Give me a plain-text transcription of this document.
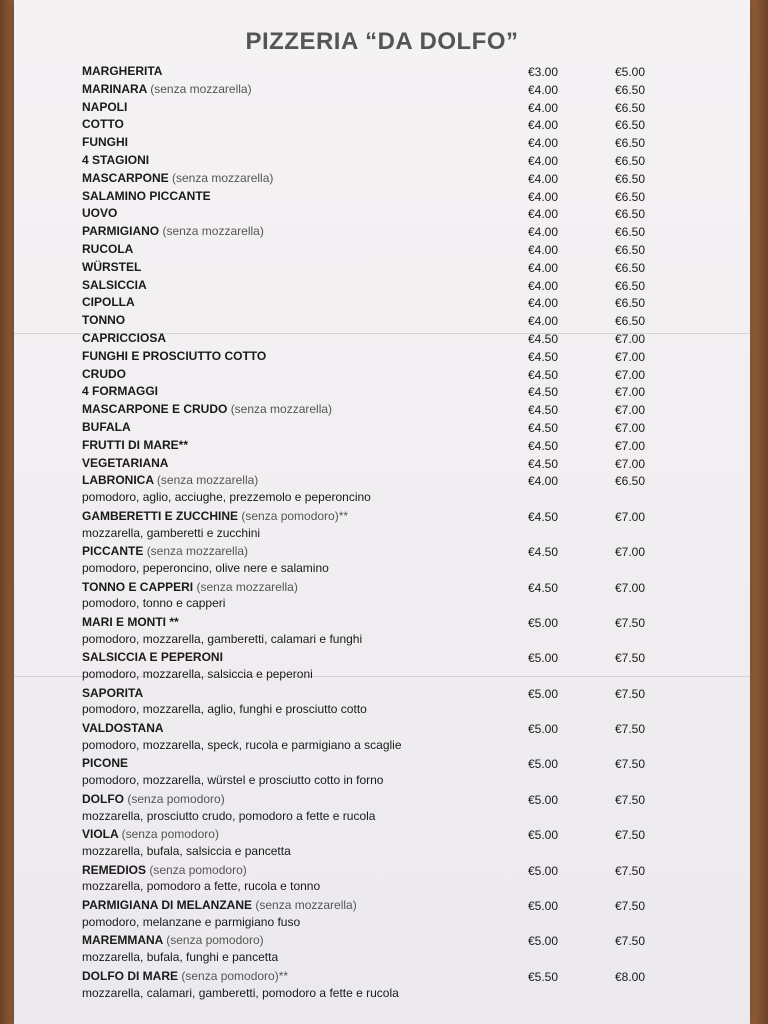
PIZZERIA “DA DOLFO”
MARGHERITA	€3.00	€5.00
MARINARA (senza mozzarella)	€4.00	€6.50
NAPOLI	€4.00	€6.50
COTTO	€4.00	€6.50
FUNGHI	€4.00	€6.50
4 STAGIONI	€4.00	€6.50
MASCARPONE (senza mozzarella)	€4.00	€6.50
SALAMINO PICCANTE	€4.00	€6.50
UOVO	€4.00	€6.50
PARMIGIANO (senza mozzarella)	€4.00	€6.50
RUCOLA	€4.00	€6.50
WÜRSTEL	€4.00	€6.50
SALSICCIA	€4.00	€6.50
CIPOLLA	€4.00	€6.50
TONNO	€4.00	€6.50
CAPRICCIOSA	€4.50	€7.00
FUNGHI E PROSCIUTTO COTTO	€4.50	€7.00
CRUDO	€4.50	€7.00
4 FORMAGGI	€4.50	€7.00
MASCARPONE E CRUDO (senza mozzarella)	€4.50	€7.00
BUFALA	€4.50	€7.00
FRUTTI DI MARE**	€4.50	€7.00
VEGETARIANA	€4.50	€7.00
LABRONICA (senza mozzarella)	€4.00	€6.50
pomodoro, aglio, acciughe, prezzemolo e peperoncino
GAMBERETTI E ZUCCHINE (senza pomodoro)**	€4.50	€7.00
mozzarella, gamberetti e zucchini
PICCANTE (senza mozzarella)	€4.50	€7.00
pomodoro, peperoncino, olive nere e salamino
TONNO E CAPPERI (senza mozzarella)	€4.50	€7.00
pomodoro, tonno e capperi
MARI E MONTI **	€5.00	€7.50
pomodoro, mozzarella, gamberetti, calamari e funghi
SALSICCIA E PEPERONI	€5.00	€7.50
pomodoro, mozzarella, salsiccia e peperoni
SAPORITA	€5.00	€7.50
pomodoro, mozzarella, aglio, funghi e prosciutto cotto
VALDOSTANA	€5.00	€7.50
pomodoro, mozzarella, speck, rucola e parmigiano a scaglie
PICONE	€5.00	€7.50
pomodoro, mozzarella, würstel e prosciutto cotto in forno
DOLFO (senza pomodoro)	€5.00	€7.50
mozzarella, prosciutto crudo, pomodoro a fette e rucola
VIOLA (senza pomodoro)	€5.00	€7.50
mozzarella, bufala, salsiccia e pancetta
REMEDIOS (senza pomodoro)	€5.00	€7.50
mozzarella, pomodoro a fette, rucola e tonno
PARMIGIANA DI MELANZANE (senza mozzarella)	€5.00	€7.50
pomodoro, melanzane e parmigiano fuso
MAREMMANA (senza pomodoro)	€5.00	€7.50
mozzarella, bufala, funghi e pancetta
DOLFO DI MARE (senza pomodoro)**	€5.50	€8.00
mozzarella, calamari, gamberetti, pomodoro a fette e rucola
